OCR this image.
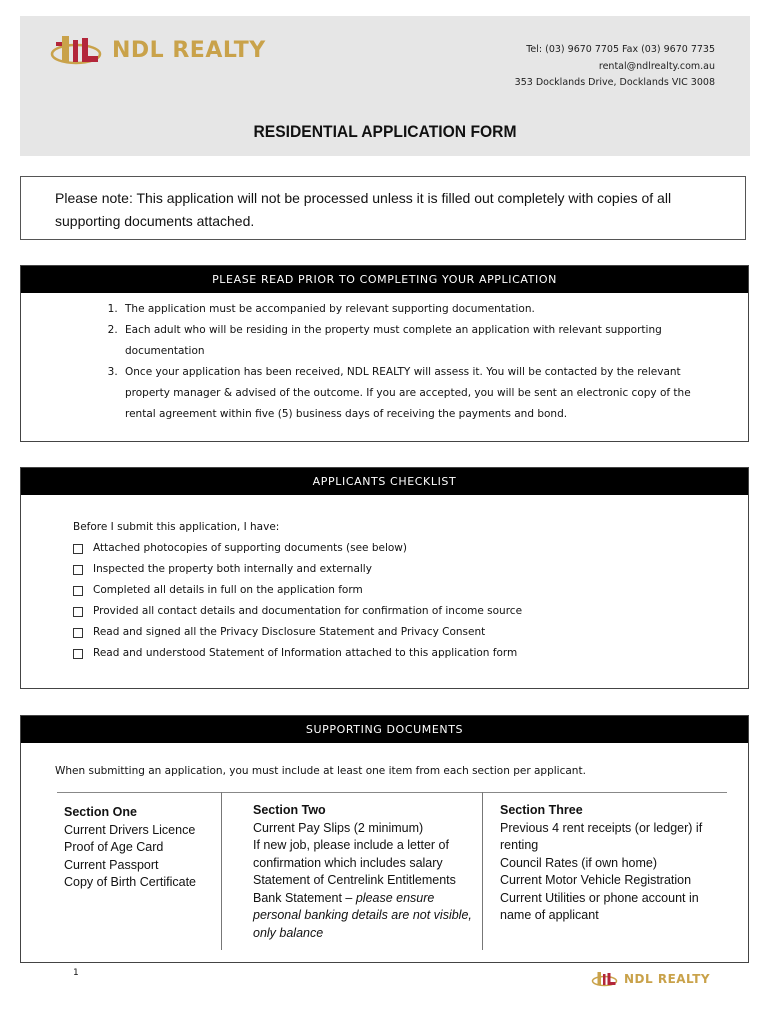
NDL REALTY	Tel: (03) 9670 7705 Fax (03) 9670 7735
rental@ndlrealty.com.au
353 Docklands Drive, Docklands VIC 3008
RESIDENTIAL APPLICATION FORM
Please note: This application will not be processed unless it is filled out completely with copies of all supporting documents attached.
PLEASE READ PRIOR TO COMPLETING YOUR APPLICATION
1. The application must be accompanied by relevant supporting documentation.
2. Each adult who will be residing in the property must complete an application with relevant supporting documentation
3. Once your application has been received, NDL REALTY will assess it. You will be contacted by the relevant property manager & advised of the outcome. If you are accepted, you will be sent an electronic copy of the rental agreement within five (5) business days of receiving the payments and bond.
APPLICANTS CHECKLIST
Before I submit this application, I have:
Attached photocopies of supporting documents (see below)
Inspected the property both internally and externally
Completed all details in full on the application form
Provided all contact details and documentation for confirmation of income source
Read and signed all the Privacy Disclosure Statement and Privacy Consent
Read and understood Statement of Information attached to this application form
SUPPORTING DOCUMENTS
When submitting an application, you must include at least one item from each section per applicant.
Section One
Current Drivers Licence
Proof of Age Card
Current Passport
Copy of Birth Certificate
Section Two
Current Pay Slips (2 minimum)
If new job, please include a letter of confirmation which includes salary
Statement of Centrelink Entitlements
Bank Statement – please ensure personal banking details are not visible, only balance
Section Three
Previous 4 rent receipts (or ledger) if renting
Council Rates (if own home)
Current Motor Vehicle Registration
Current Utilities or phone account in name of applicant
1	NDL REALTY
